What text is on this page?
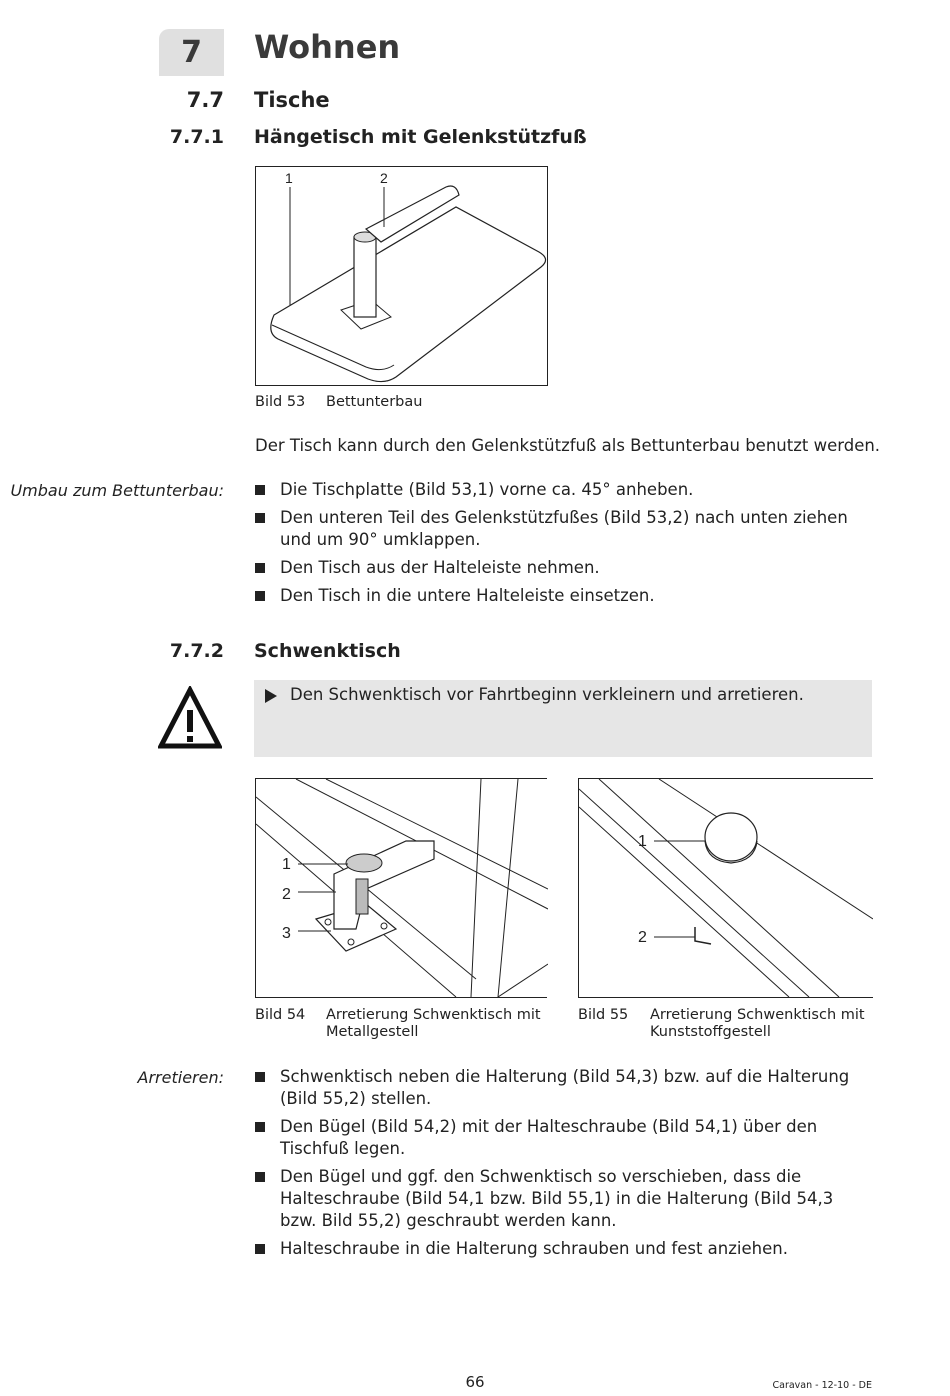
7	Wohnen
7.7 Tische
7.7.1 Hängetisch mit Gelenkstützfuß
1	2
Bild 53 Bettunterbau
Der Tisch kann durch den Gelenkstützfuß als Bettunterbau benutzt werden.
Umbau zum Bettunterbau:	Die Tischplatte (Bild 53,1) vorne ca. 45° anheben.
Den unteren Teil des Gelenkstützfußes (Bild 53,2) nach unten ziehen und um 90° umklappen.
Den Tisch aus der Halteleiste nehmen.
Den Tisch in die untere Halteleiste einsetzen.
7.7.2 Schwenktisch
Den Schwenktisch vor Fahrtbeginn verkleinern und arretieren.
1
2
3
Bild 54 Arretierung Schwenktisch mit
Metallgestell
1
2
Bild 55 Arretierung Schwenktisch mit
Kunststoffgestell
Arretieren:	Schwenktisch neben die Halterung (Bild 54,3) bzw. auf die Halterung (Bild 55,2) stellen.
Den Bügel (Bild 54,2) mit der Halteschraube (Bild 54,1) über den Tischfuß legen.
Den Bügel und ggf. den Schwenktisch so verschieben, dass die Halteschraube (Bild 54,1 bzw. Bild 55,1) in die Halterung (Bild 54,3 bzw. Bild 55,2) geschraubt werden kann.
Halteschraube in die Halterung schrauben und fest anziehen.
66	Caravan - 12-10 - DE
